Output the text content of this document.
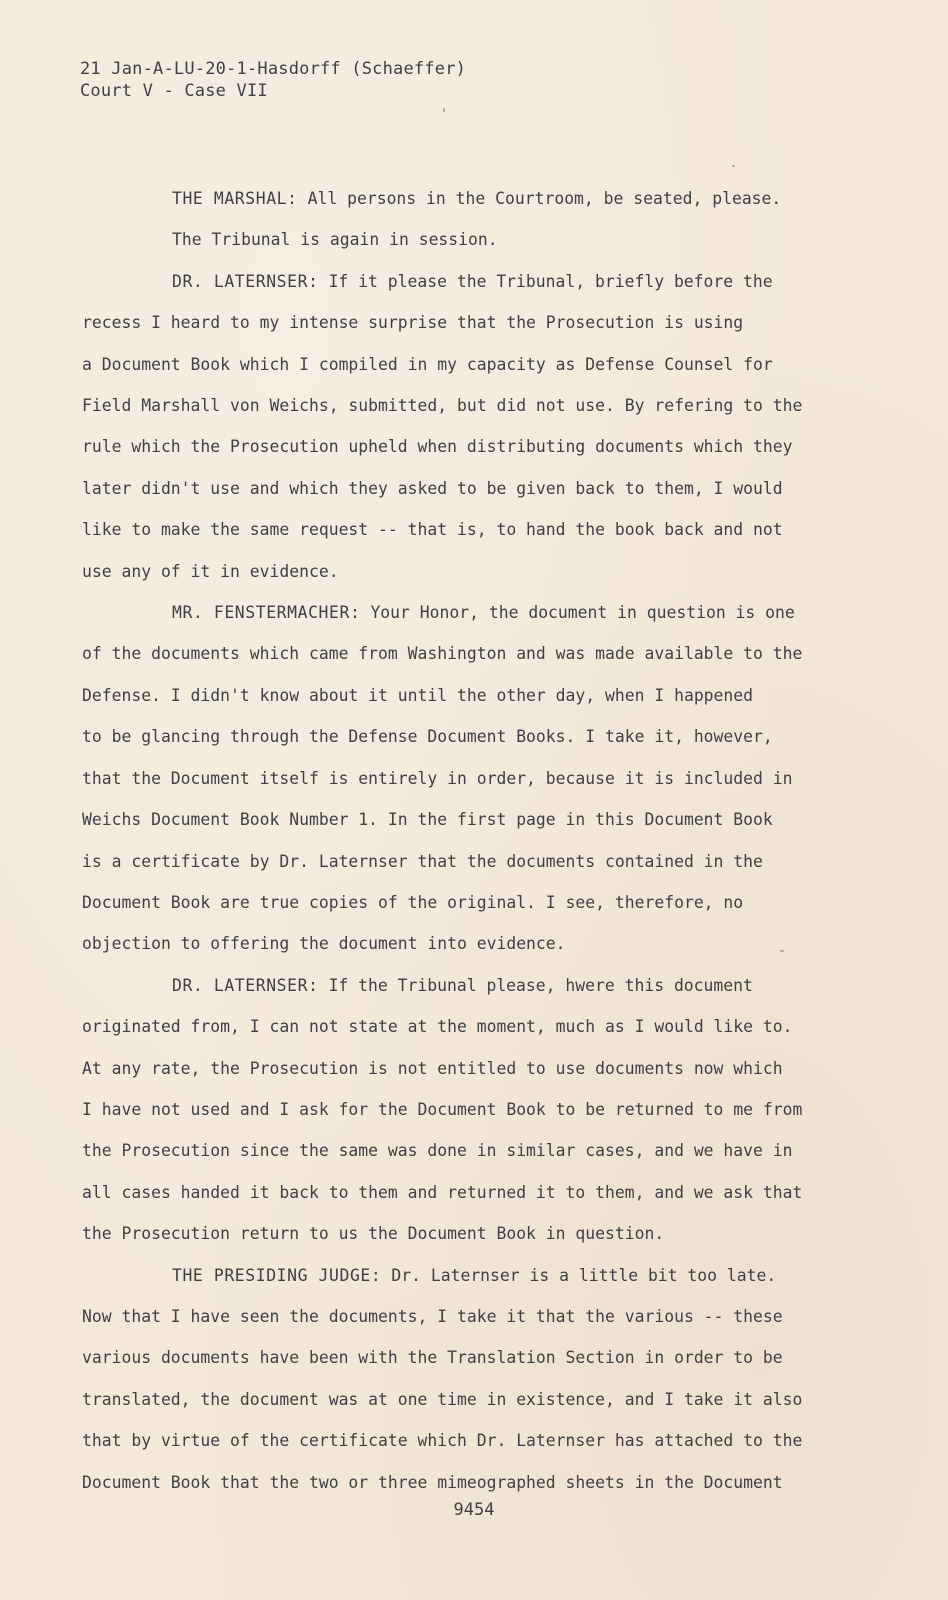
21 Jan-A-LU-20-1-Hasdorff (Schaeffer)
Court V - Case VII
THE MARSHAL: All persons in the Courtroom, be seated, please.
The Tribunal is again in session.
DR. LATERNSER: If it please the Tribunal, briefly before the
recess I heard to my intense surprise that the Prosecution is using
a Document Book which I compiled in my capacity as Defense Counsel for
Field Marshall von Weichs, submitted, but did not use. By refering to the
rule which the Prosecution upheld when distributing documents which they
later didn't use and which they asked to be given back to them, I would
like to make the same request -- that is, to hand the book back and not
use any of it in evidence.
MR. FENSTERMACHER: Your Honor, the document in question is one
of the documents which came from Washington and was made available to the
Defense. I didn't know about it until the other day, when I happened
to be glancing through the Defense Document Books. I take it, however,
that the Document itself is entirely in order, because it is included in
Weichs Document Book Number 1. In the first page in this Document Book
is a certificate by Dr. Laternser that the documents contained in the
Document Book are true copies of the original. I see, therefore, no
objection to offering the document into evidence.
DR. LATERNSER: If the Tribunal please, hwere this document
originated from, I can not state at the moment, much as I would like to.
At any rate, the Prosecution is not entitled to use documents now which
I have not used and I ask for the Document Book to be returned to me from
the Prosecution since the same was done in similar cases, and we have in
all cases handed it back to them and returned it to them, and we ask that
the Prosecution return to us the Document Book in question.
THE PRESIDING JUDGE: Dr. Laternser is a little bit too late.
Now that I have seen the documents, I take it that the various -- these
various documents have been with the Translation Section in order to be
translated, the document was at one time in existence, and I take it also
that by virtue of the certificate which Dr. Laternser has attached to the
Document Book that the two or three mimeographed sheets in the Document
9454
